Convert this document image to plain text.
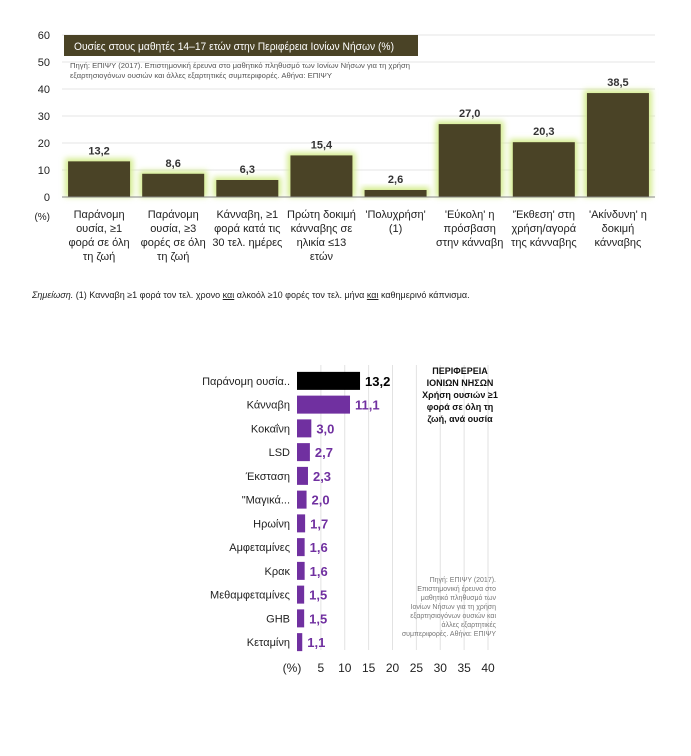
0
10
20
30
40
50
60
(%)
13,2
Παράνομη
ουσία, ≥1
φορά σε όλη
τη ζωή
8,6
Παράνομη
ουσία, ≥3
φορές σε όλη
τη ζωή
6,3
Κάνναβη, ≥1
φορά κατά τις
30 τελ. ημέρες
15,4
Πρώτη δοκιμή
κάνναβης σε
ηλικία ≤13
ετών
2,6
'Πολυχρήση'
(1)
27,0
'Εύκολη' η
πρόσβαση
στην κάνναβη
20,3
'Έκθεση' στη
χρήση/αγορά
της κάνναβης
38,5
'Ακίνδυνη' η
δοκιμή
κάνναβης
Ουσίες στους μαθητές 14–17 ετών στην Περιφέρεια Ιονίων Νήσων (%)
Πηγή: ΕΠΙΨΥ (2017). Επιστημονική έρευνα στο μαθητικό πληθυσμό των Ιονίων Νήσων για τη χρήση
εξαρτησιογόνων ουσιών και άλλες εξαρτητικές συμπεριφορές. Αθήνα: ΕΠΙΨΥ
Σημείωση. (1) Κανναβη ≥1 φορά τον τελ. χρονο και αλκοόλ ≥10 φορές τον τελ. μήνα και καθημερινό κάπνισμα.
5 10 15 20 25 30 35 40
(%)
13,2
Παράνομη ουσία..
11,1
Κάνναβη
3,0
Κοκαΐνη
2,7
LSD
2,3
Έκσταση
2,0
"Μαγικά...
1,7
Ηρωίνη
1,6
Αμφεταμίνες
1,6
Κρακ
1,5
Μεθαμφεταμίνες
1,5
GHB
1,1
Κεταμίνη
ΠΕΡΙΦΕΡΕΙΑ
ΙΟΝΙΩΝ ΝΗΣΩΝ
Χρήση ουσιών ≥1
φορά σε όλη τη
ζωή, ανά ουσία
Πηγή: ΕΠΙΨΥ (2017).
Επιστημονική έρευνα στο
μαθητικό πληθυσμό των
Ιονίων Νήσων για τη χρήση
εξαρτησιογόνων ουσιών και
άλλες εξαρτητικές
συμπεριφορές. Αθήνα: ΕΠΙΨΥ
